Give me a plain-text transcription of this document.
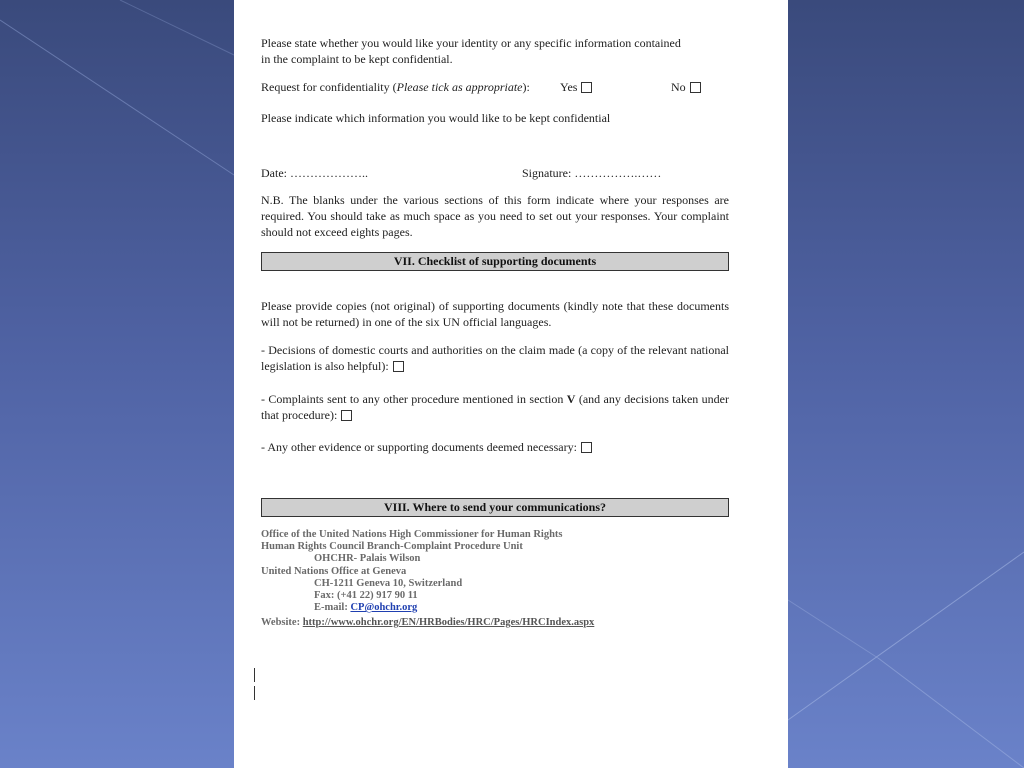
Please state whether you would like your identity or any specific information contained
in the complaint to be kept confidential.
Request for confidentiality (Please tick as appropriate):	Yes	No
Please indicate which information you would like to be kept confidential
Date: ………………..	Signature: …………….……
N.B. The blanks under the various sections of this form indicate where your responses are required. You should take as much space as you need to set out your responses. Your complaint should not exceed eights pages.
VII. Checklist of supporting documents
Please provide copies (not original) of supporting documents (kindly note that these documents will not be returned) in one of the six UN official languages.
- Decisions of domestic courts and authorities on the claim made (a copy of the relevant national legislation is also helpful):
- Complaints sent to any other procedure mentioned in section V (and any decisions taken under that procedure):
- Any other evidence or supporting documents deemed necessary:
VIII. Where to send your communications?
Office of the United Nations High Commissioner for Human Rights
Human Rights Council Branch-Complaint Procedure Unit
OHCHR- Palais Wilson
United Nations Office at Geneva
CH-1211 Geneva 10, Switzerland
Fax: (+41 22) 917 90 11
E-mail: CP@ohchr.org
Website: http://www.ohchr.org/EN/HRBodies/HRC/Pages/HRCIndex.aspx
